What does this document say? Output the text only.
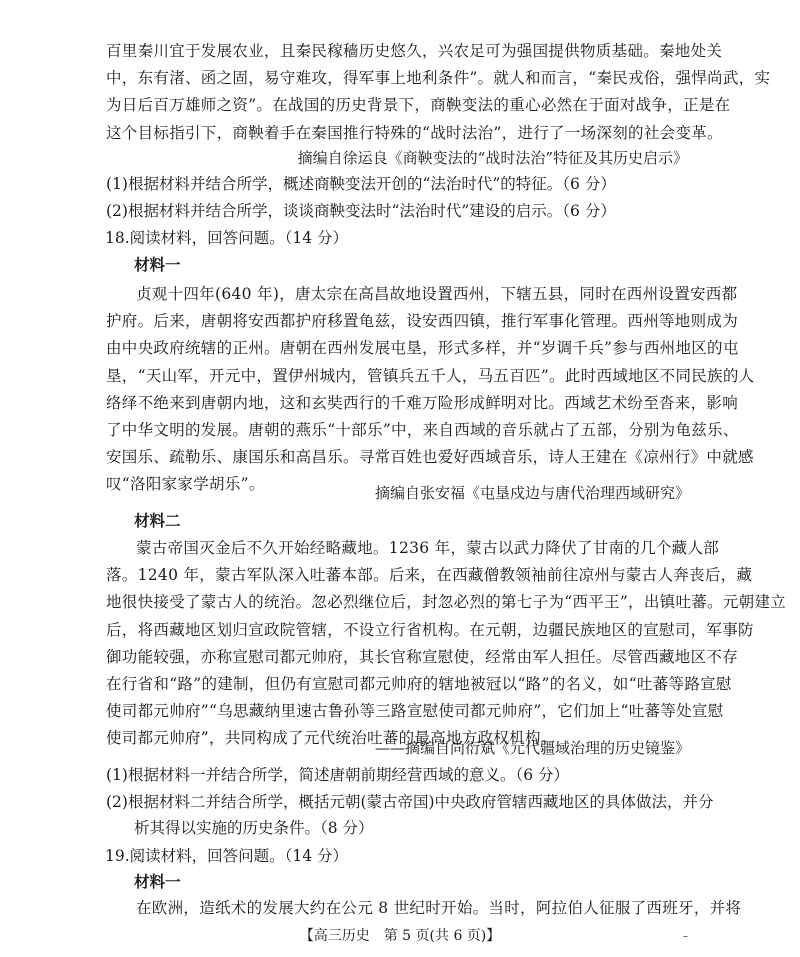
百里秦川宜于发展农业，且秦民稼穑历史悠久，兴农足可为强国提供物质基础。秦地处关
中，东有渚、函之固，易守难攻，得军事上地利条件”。就人和而言，“秦民戎俗，强悍尚武，实
为日后百万雄师之资”。在战国的历史背景下，商鞅变法的重心必然在于面对战争，正是在
这个目标指引下，商鞅着手在秦国推行特殊的“战时法治”，进行了一场深刻的社会变革。
摘编自徐运良《商鞅变法的“战时法治”特征及其历史启示》
(1)根据材料并结合所学，概述商鞅变法开创的“法治时代”的特征。（6 分）
(2)根据材料并结合所学，谈谈商鞅变法时“法治时代”建设的启示。（6 分）
18.阅读材料，回答问题。（14 分）
材料一
贞观十四年(640 年)，唐太宗在高昌故地设置西州，下辖五县，同时在西州设置安西都
护府。后来，唐朝将安西都护府移置龟兹，设安西四镇，推行军事化管理。西州等地则成为
由中央政府统辖的正州。唐朝在西州发展屯垦，形式多样，并“岁调千兵”参与西州地区的屯
垦，“天山军，开元中，置伊州城内，管镇兵五千人，马五百匹”。此时西域地区不同民族的人
络绎不绝来到唐朝内地，这和玄奘西行的千难万险形成鲜明对比。西域艺术纷至沓来，影响
了中华文明的发展。唐朝的燕乐“十部乐”中，来自西域的音乐就占了五部，分别为龟兹乐、
安国乐、疏勒乐、康国乐和高昌乐。寻常百姓也爱好西域音乐，诗人王建在《凉州行》中就感
叹“洛阳家家学胡乐”。	摘编自张安福《屯垦戍边与唐代治理西域研究》
材料二
蒙古帝国灭金后不久开始经略藏地。1236 年，蒙古以武力降伏了甘南的几个藏人部
落。1240 年，蒙古军队深入吐蕃本部。后来，在西藏僧教领袖前往凉州与蒙古人奔丧后，藏
地很快接受了蒙古人的统治。忽必烈继位后，封忽必烈的第七子为“西平王”，出镇吐蕃。元朝建立
后，将西藏地区划归宣政院管辖，不设立行省机构。在元朝，边疆民族地区的宣慰司，军事防
御功能较强，亦称宣慰司都元帅府，其长官称宣慰使，经常由军人担任。尽管西藏地区不存
在行省和“路”的建制，但仍有宣慰司都元帅府的辖地被冠以“路”的名义，如“吐蕃等路宣慰
使司都元帅府”“乌思藏纳里速古鲁孙等三路宣慰使司都元帅府”，它们加上“吐蕃等处宣慰
使司都元帅府”，共同构成了元代统治吐蕃的最高地方政权机构。
——摘编自尚衍斌《元代疆域治理的历史镜鉴》
(1)根据材料一并结合所学，简述唐朝前期经营西域的意义。（6 分）
(2)根据材料二并结合所学，概括元朝(蒙古帝国)中央政府管辖西藏地区的具体做法，并分
析其得以实施的历史条件。（8 分）
19.阅读材料，回答问题。（14 分）
材料一
在欧洲，造纸术的发展大约在公元 8 世纪时开始。当时，阿拉伯人征服了西班牙，并将
【高三历史　第 5 页(共 6 页)】	–
